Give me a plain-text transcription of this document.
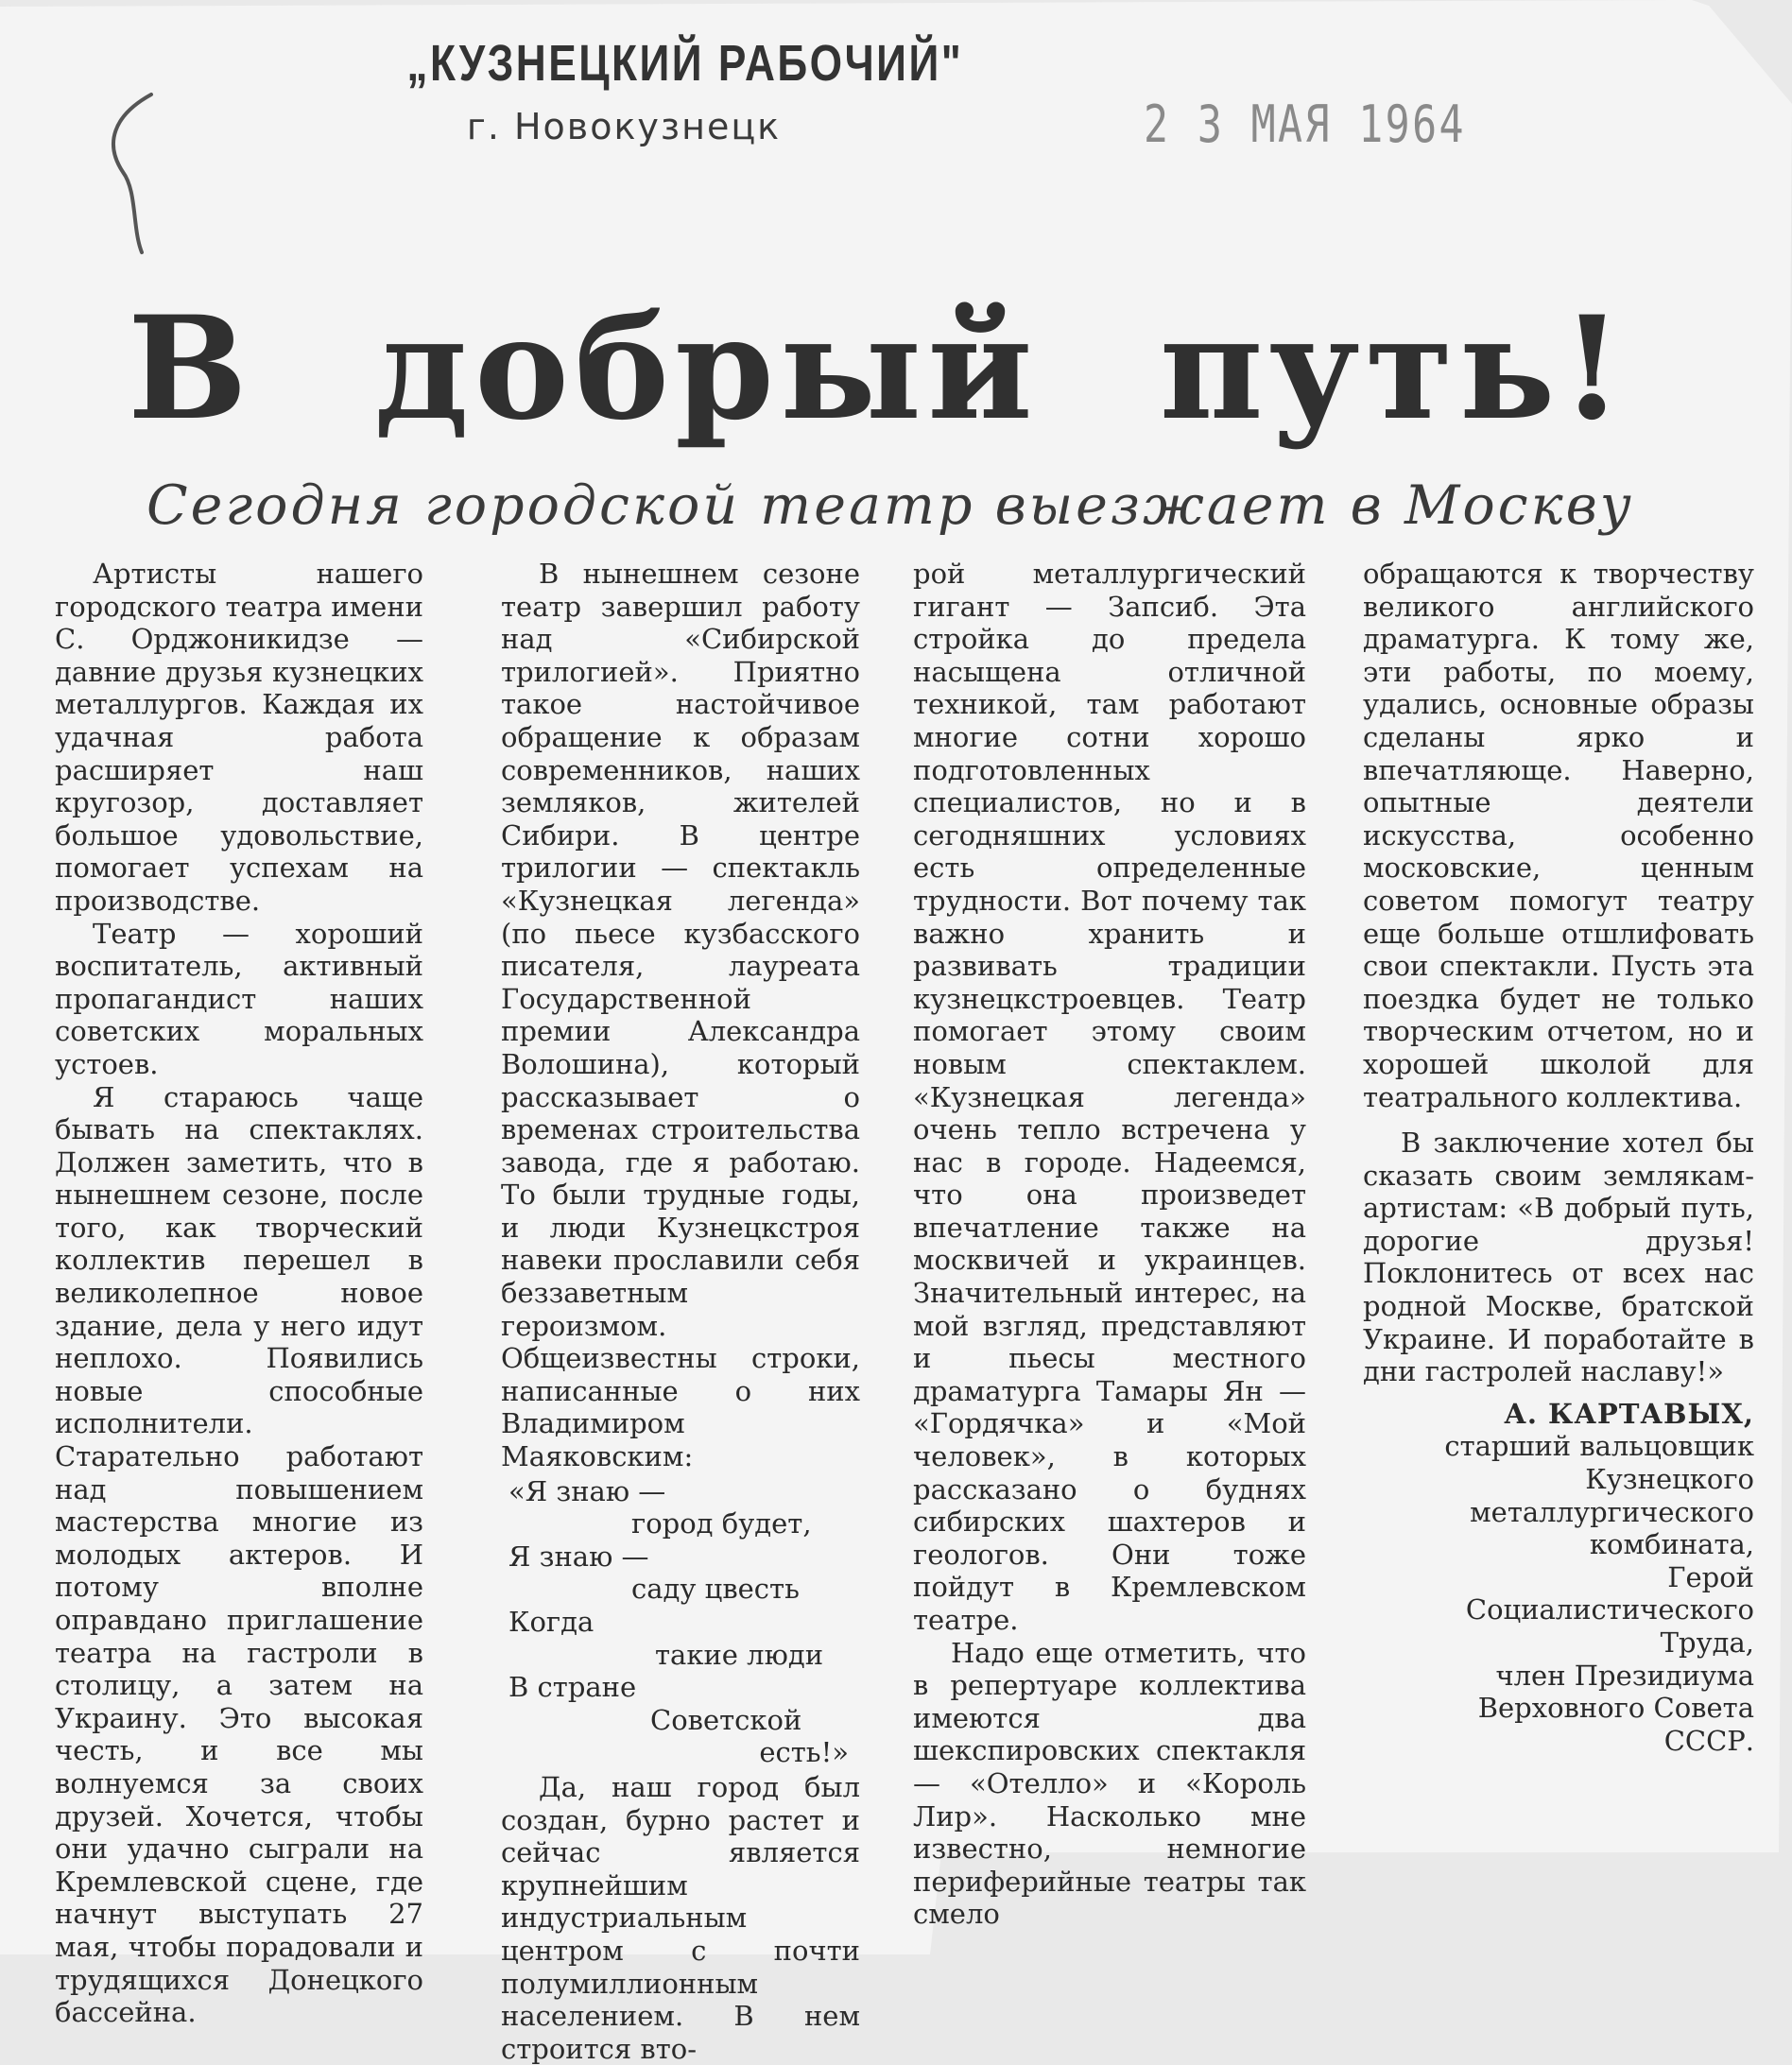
„КУЗНЕЦКИЙ РАБОЧИЙ"
г. Новокузнецк	2 3 МАЯ 1964
В добрый путь!
Сегодня городской театр выезжает в Москву

Артисты нашего городского театра имени С. Орджоникидзе — давние друзья кузнецких металлургов. Каждая их удачная работа расширяет наш кругозор, доставляет большое удовольствие, помогает успехам на производстве.

Театр — хороший воспитатель, активный пропагандист наших советских моральных устоев.

Я стараюсь чаще бывать на спектаклях. Должен заметить, что в нынешнем сезоне, после того, как творческий коллектив перешел в великолепное новое здание, дела у него идут неплохо. Появились новые способные исполнители. Старательно работают над повышением мастерства многие из молодых актеров. И потому вполне оправдано приглашение театра на гастроли в столицу, а затем на Украину. Это высокая честь, и все мы волнуемся за своих друзей. Хочется, чтобы они удачно сыграли на Кремлевской сцене, где начнут выступать 27 мая, чтобы порадовали и трудящихся Донецкого бассейна.

В нынешнем сезоне театр завершил работу над «Сибирской трилогией». Приятно такое настойчивое обращение к образам современников, наших земляков, жителей Сибири. В центре трилогии — спектакль «Кузнецкая легенда» (по пьесе кузбасского писателя, лауреата Государственной премии Александра Волошина), который рассказывает о временах строительства завода, где я работаю. То были трудные годы, и люди Кузнецкстроя навеки прославили себя беззаветным героизмом. Общеизвестны строки, написанные о них Владимиром Маяковским:

«Я знаю —
город будет,
Я знаю —
саду цвесть
Когда
такие люди
В стране
Советской
есть!»

Да, наш город был создан, бурно растет и сейчас является крупнейшим индустриальным центром с почти полумиллионным населением. В нем строится вто-

рой металлургический гигант — Запсиб. Эта стройка до предела насыщена отличной техникой, там работают многие сотни хорошо подготовленных специалистов, но и в сегодняшних условиях есть определенные трудности. Вот почему так важно хранить и развивать традиции кузнецкстроевцев. Театр помогает этому своим новым спектаклем. «Кузнецкая легенда» очень тепло встречена у нас в городе. Надеемся, что она произведет впечатление также на москвичей и украинцев. Значительный интерес, на мой взгляд, представляют и пьесы местного драматурга Тамары Ян — «Гордячка» и «Мой человек», в которых рассказано о буднях сибирских шахтеров и геологов. Они тоже пойдут в Кремлевском театре.

Надо еще отметить, что в репертуаре коллектива имеются два шекспировских спектакля — «Отелло» и «Король Лир». Насколько мне известно, немногие периферийные театры так смело

обращаются к творчеству великого английского драматурга. К тому же, эти работы, по моему, удались, основные образы сделаны ярко и впечатляюще. Наверно, опытные деятели искусства, особенно московские, ценным советом помогут театру еще больше отшлифовать свои спектакли. Пусть эта поездка будет не только творческим отчетом, но и хорошей школой для театрального коллектива.

В заключение хотел бы сказать своим землякам-артистам: «В добрый путь, дорогие друзья! Поклонитесь от всех нас родной Москве, братской Украине. И поработайте в дни гастролей наславу!»

А. КАРТАВЫХ,
старший вальцовщик
Кузнецкого
металлургического
комбината,
Герой
Социалистического
Труда,
член Президиума
Верховного Совета
СССР.
